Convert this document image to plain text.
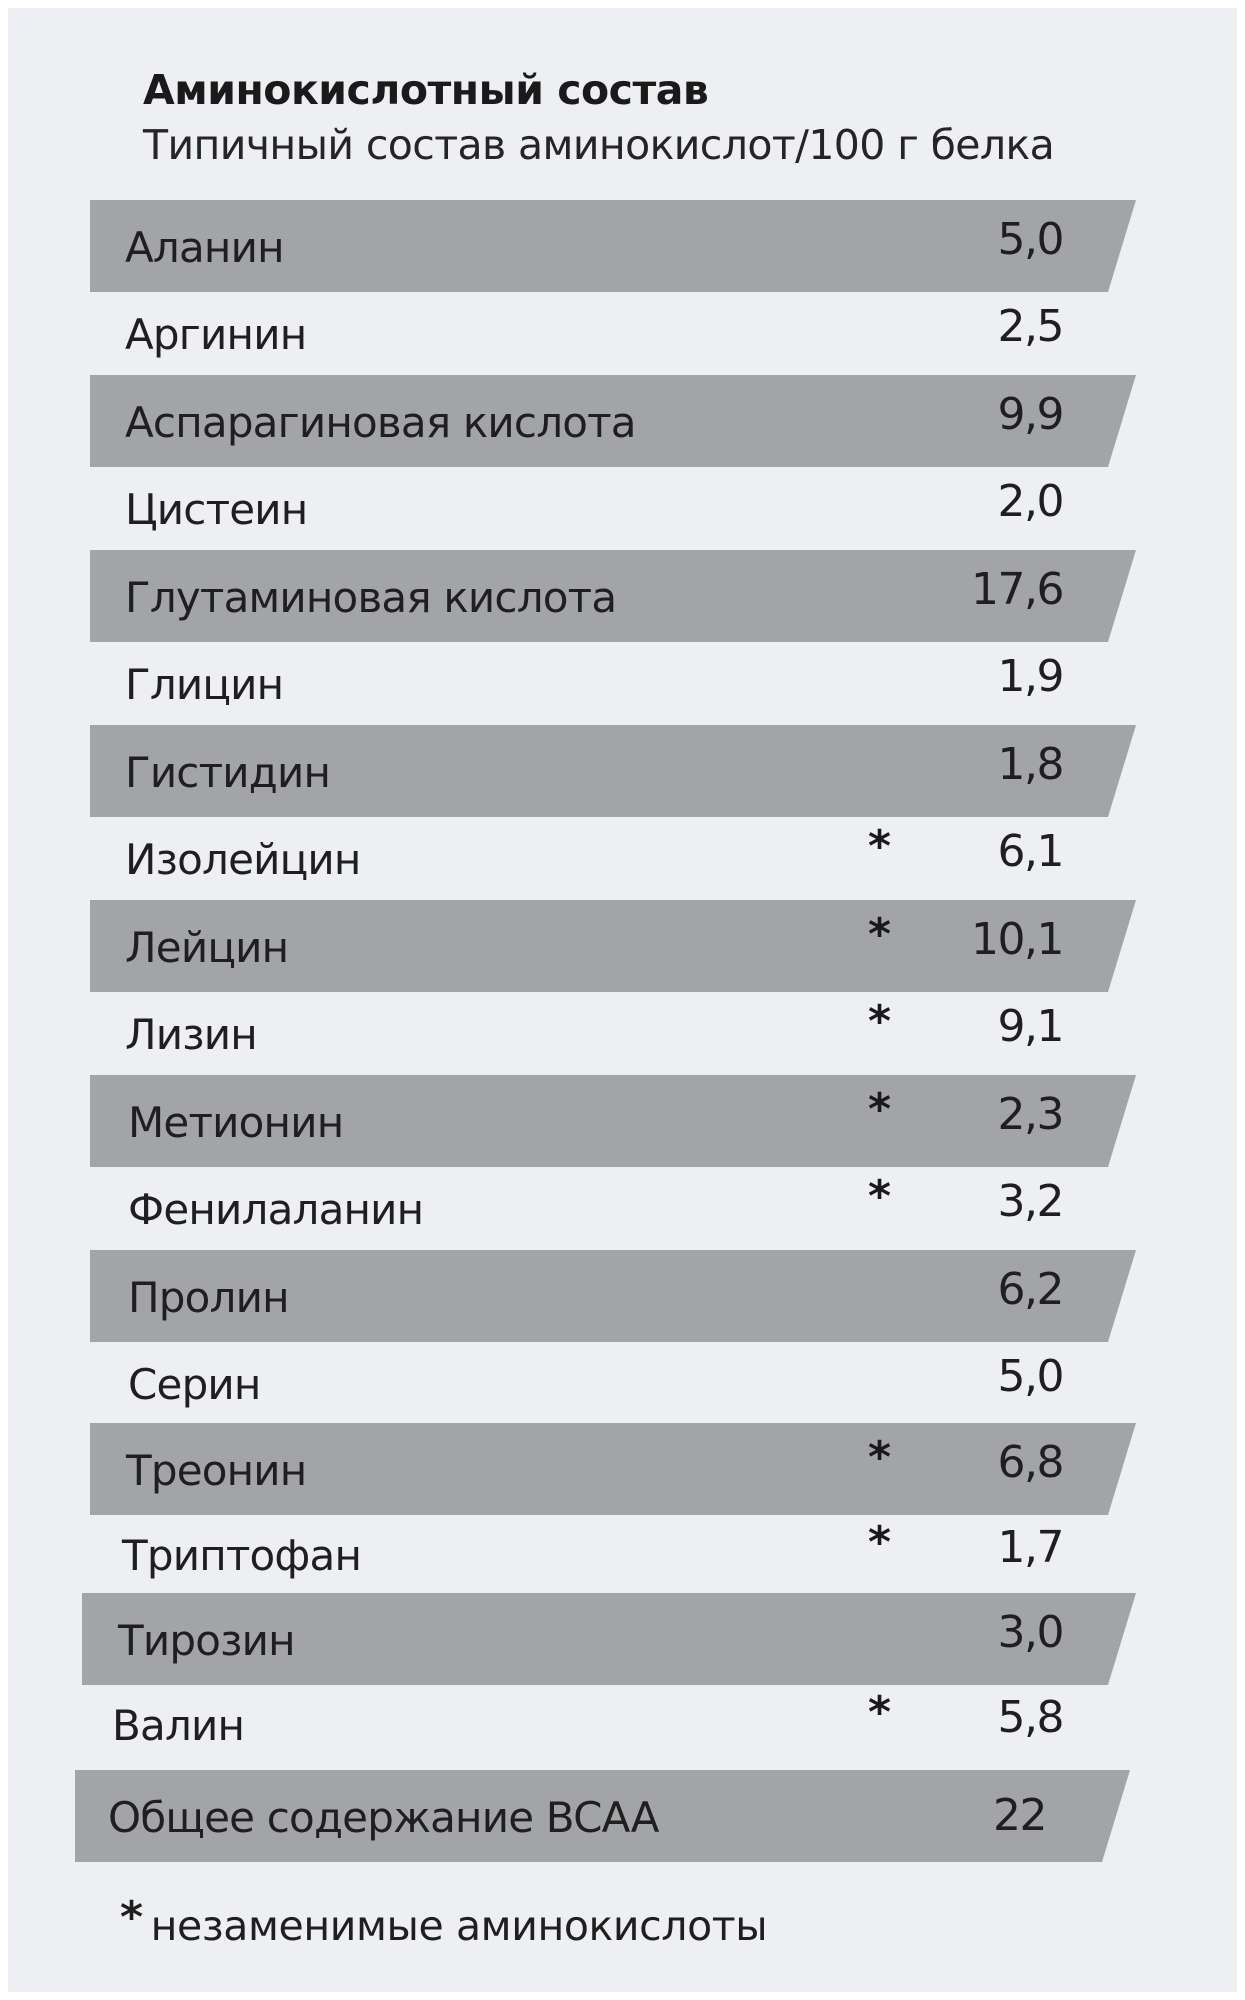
Аминокислотный состав
Типичный состав аминокислот/100 г белка
Аланин	5,0
Аргинин	2,5
Аспарагиновая кислота	9,9
Цистеин	2,0
Глутаминовая кислота	17,6
Глицин	1,9
Гистидин	1,8
Изолейцин	*	6,1
Лейцин	*	10,1
Лизин	*	9,1
Метионин	*	2,3
Фенилаланин	*	3,2
Пролин	6,2
Серин	5,0
Треонин	*	6,8
Триптофан	*	1,7
Тирозин	3,0
Валин	*	5,8
Общее содержание BCAA	22
* незаменимые аминокислоты
